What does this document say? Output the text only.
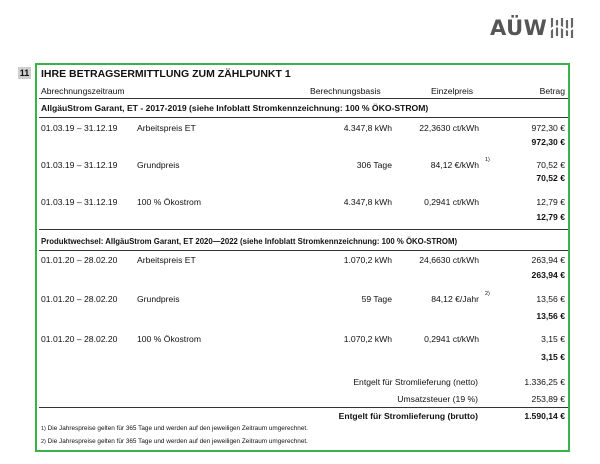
AÜW
11 IHRE BETRAGSERMITTLUNG ZUM ZÄHLPUNKT 1
Abrechnungszeitraum	Berechnungsbasis	Einzelpreis	Betrag
AllgäuStrom Garant, ET - 2017-2019 (siehe Infoblatt Stromkennzeichnung: 100 % ÖKO-STROM)
01.03.19 – 31.12.19 Arbeitspreis ET	4.347,8 kWh	22,3630 ct/kWh	972,30 €
972,30 €
01.03.19 – 31.12.19 Grundpreis	306 Tage	84,12 €/kWh 1)	70,52 €
70,52 €
01.03.19 – 31.12.19 100 % Ökostrom	4.347,8 kWh	0,2941 ct/kWh	12,79 €
12,79 €
Produktwechsel: AllgäuStrom Garant, ET 2020—2022 (siehe Infoblatt Stromkennzeichnung: 100 % ÖKO-STROM)
01.01.20 – 28.02.20 Arbeitspreis ET	1.070,2 kWh	24,6630 ct/kWh	263,94 €
263,94 €
01.01.20 – 28.02.20 Grundpreis	59 Tage	84,12 €/Jahr 2)	13,56 €
13,56 €
01.01.20 – 28.02.20 100 % Ökostrom	1.070,2 kWh	0,2941 ct/kWh	3,15 €
3,15 €
Entgelt für Stromlieferung (netto)	1.336,25 €
Umsatzsteuer (19 %)	253,89 €
Entgelt für Stromlieferung (brutto)	1.590,14 €
1) Die Jahrespreise gelten für 365 Tage und werden auf den jeweiligen Zeitraum umgerechnet.
2) Die Jahrespreise gelten für 365 Tage und werden auf den jeweiligen Zeitraum umgerechnet.
